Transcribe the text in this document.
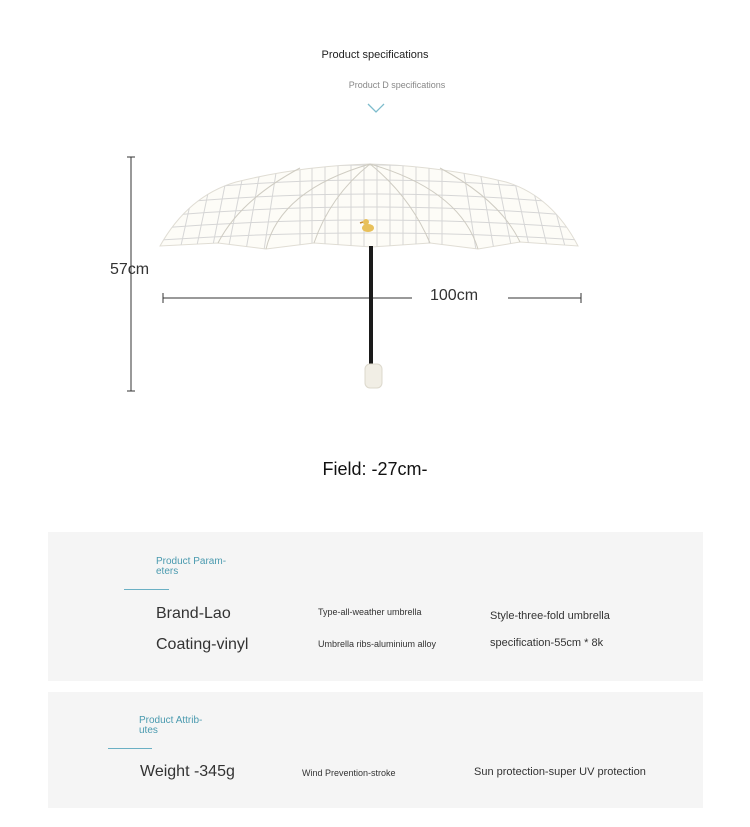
Product specifications
Product D specifications
57cm
100cm
Field: -27cm-
Product Param-
eters
Brand-Lao	Type-all-weather umbrella	Style-three-fold umbrella
Coating-vinyl	Umbrella ribs-aluminium alloy	specification-55cm * 8k
Product Attrib-
utes
Weight -345g	Wind Prevention-stroke	Sun protection-super UV protection
